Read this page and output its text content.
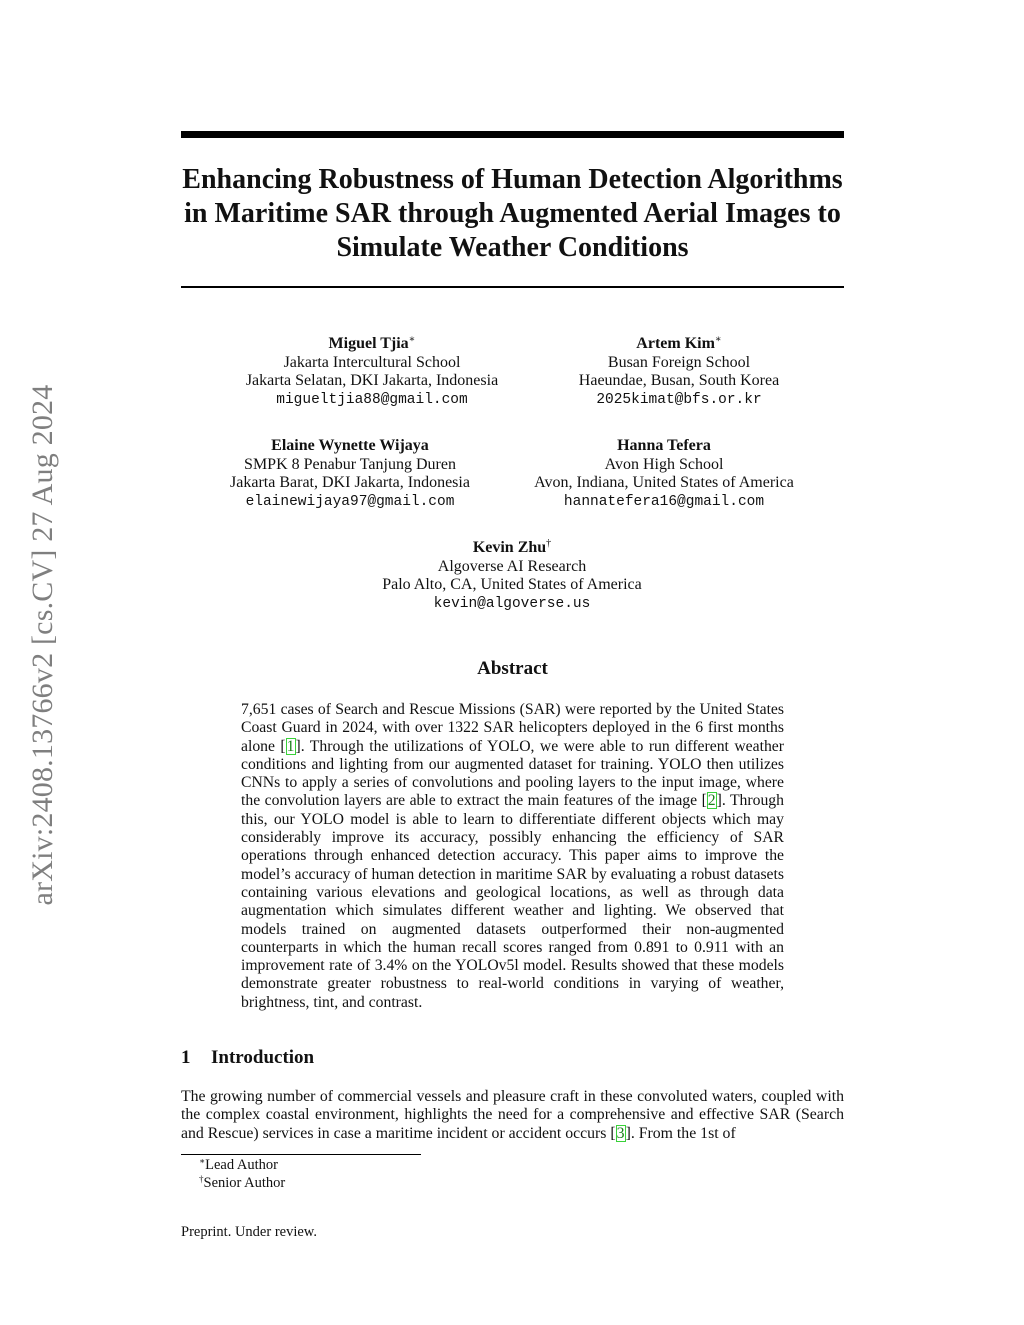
arXiv:2408.13766v2 [cs.CV] 27 Aug 2024
Enhancing Robustness of Human Detection Algorithms in Maritime SAR through Augmented Aerial Images to Simulate Weather Conditions
Miguel Tjia∗
Jakarta Intercultural School
Jakarta Selatan, DKI Jakarta, Indonesia
migueltjia88@gmail.com
Artem Kim∗
Busan Foreign School
Haeundae, Busan, South Korea
2025kimat@bfs.or.kr
Elaine Wynette Wijaya
SMPK 8 Penabur Tanjung Duren
Jakarta Barat, DKI Jakarta, Indonesia
elainewijaya97@gmail.com
Hanna Tefera
Avon High School
Avon, Indiana, United States of America
hannatefera16@gmail.com
Kevin Zhu†
Algoverse AI Research
Palo Alto, CA, United States of America
kevin@algoverse.us
Abstract

7,651 cases of Search and Rescue Missions (SAR) were reported by the United States Coast Guard in 2024, with over 1322 SAR helicopters deployed in the 6 first months alone [1]. Through the utilizations of YOLO, we were able to run different weather conditions and lighting from our augmented dataset for training. YOLO then utilizes CNNs to apply a series of convolutions and pooling layers to the input image, where the convolution layers are able to extract the main features of the image [2]. Through this, our YOLO model is able to learn to differentiate different objects which may considerably improve its accuracy, possibly enhancing the efficiency of SAR operations through enhanced detection accuracy. This paper aims to improve the model’s accuracy of human detection in maritime SAR by evaluating a robust datasets containing various elevations and geological locations, as well as through data augmentation which simulates different weather and lighting. We observed that models trained on augmented datasets outperformed their non-augmented counterparts in which the human recall scores ranged from 0.891 to 0.911 with an improvement rate of 3.4% on the YOLOv5l model. Results showed that these models demonstrate greater robustness to real-world conditions in varying of weather, brightness, tint, and contrast.

1 Introduction

The growing number of commercial vessels and pleasure craft in these convoluted waters, coupled with the complex coastal environment, highlights the need for a comprehensive and effective SAR (Search and Rescue) services in case a maritime incident or accident occurs [3]. From the 1st of

∗Lead Author
†Senior Author
Preprint. Under review.
